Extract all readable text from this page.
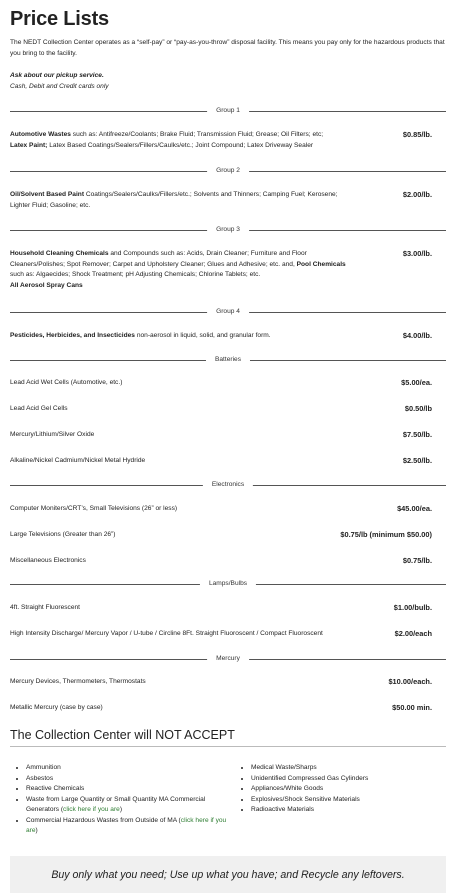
Price Lists
The NEDT Collection Center operates as a “self-pay” or “pay-as-you-throw” disposal facility. This means you pay only for the hazardous products that you bring to the facility.
Ask about our pickup service.
Cash, Debit and Credit cards only
Group 1
Automotive Wastes such as: Antifreeze/Coolants; Brake Fluid; Transmission Fluid; Grease; Oil Filters; etc;
Latex Paint; Latex Based Coatings/Sealers/Fillers/Caulks/etc.; Joint Compound; Latex Driveway Sealer
$0.85/lb.
Group 2
Oil/Solvent Based Paint Coatings/Sealers/Caulks/Fillers/etc.; Solvents and Thinners; Camping Fuel; Kerosene;
Lighter Fluid; Gasoline; etc.
$2.00/lb.
Group 3
Household Cleaning Chemicals and Compounds such as: Acids, Drain Cleaner; Furniture and Floor
Cleaners/Polishes; Spot Remover; Carpet and Upholstery Cleaner; Glues and Adhesive; etc. and, Pool Chemicals
such as: Algaecides; Shock Treatment; pH Adjusting Chemicals; Chlorine Tablets; etc.
All Aerosol Spray Cans
$3.00/lb.
Group 4
Pesticides, Herbicides, and Insecticides non-aerosol in liquid, solid, and granular form.	$4.00/lb.
Batteries
Lead Acid Wet Cells (Automotive, etc.)	$5.00/ea.
Lead Acid Gel Cells	$0.50/lb
Mercury/Lithium/Silver Oxide	$7.50/lb.
Alkaline/Nickel Cadmium/Nickel Metal Hydride	$2.50/lb.
Electronics
Computer Moniters/CRT’s, Small Televisions (26” or less)	$45.00/ea.
Large Televisions (Greater than 26”)	$0.75/lb (minimum $50.00)
Miscellaneous Electronics	$0.75/lb.
Lamps/Bulbs
4ft. Straight Fluorescent	$1.00/bulb.
High Intensity Discharge/ Mercury Vapor / U-tube / Circline 8Ft. Straight Fluoroscent / Compact Fluoroscent	$2.00/each
Mercury
Mercury Devices, Thermometers, Thermostats	$10.00/each.
Metallic Mercury (case by case)	$50.00 min.
The Collection Center will NOT ACCEPT
• Ammunition
• Asbestos
• Reactive Chemicals
• Waste from Large Quantity or Small Quantity MA Commercial Generators (click here if you are)
• Commercial Hazardous Wastes from Outside of MA (click here if you are)
• Medical Waste/Sharps
• Unidentified Compressed Gas Cylinders
• Appliances/White Goods
• Explosives/Shock Sensitive Materials
• Radioactive Materials
Buy only what you need; Use up what you have; and Recycle any leftovers.
